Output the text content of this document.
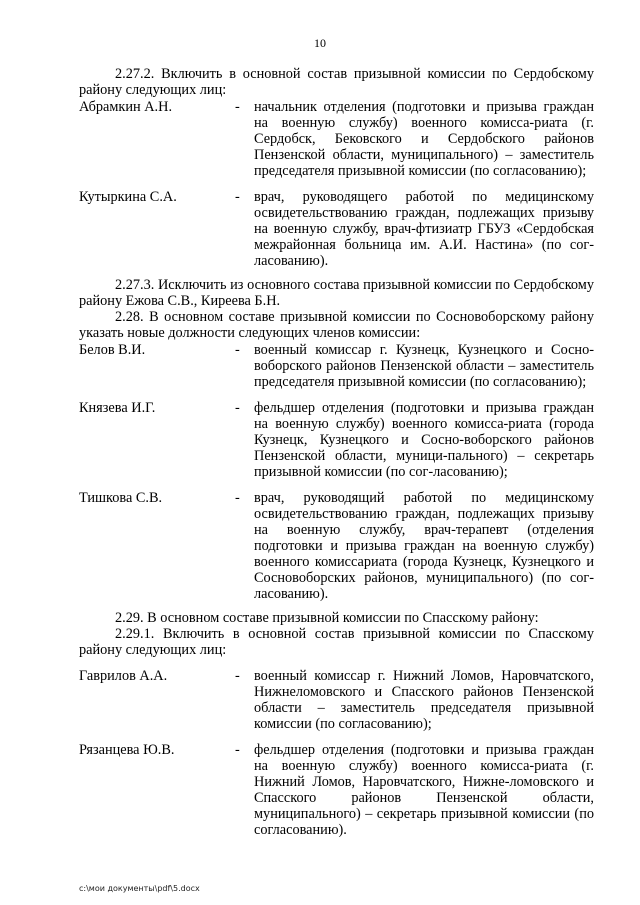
10

2.27.2. Включить в основной состав призывной комиссии по Сердобскому району следующих лиц:

Абрамкин А.Н.	- начальник отделения (подготовки и призыва граждан на военную службу) военного комисса-риата (г. Сердобск, Бековского и Сердобского районов Пензенской области, муниципального) – заместитель председателя призывной комиссии (по согласованию);
Кутыркина С.А.	- врач, руководящего работой по медицинскому освидетельствованию граждан, подлежащих призыву на военную службу, врач-фтизиатр ГБУЗ «Сердобская межрайонная больница им. А.И. Настина» (по сог-ласованию).

2.27.3. Исключить из основного состава призывной комиссии по Сердобскому району Ежова С.В., Киреева Б.Н.

2.28. В основном составе призывной комиссии по Сосновоборскому району указать новые должности следующих членов комиссии:

Белов В.И.	- военный комиссар г. Кузнецк, Кузнецкого и Сосно-воборского районов Пензенской области – заместитель председателя призывной комиссии (по согласованию);
Князева И.Г.	- фельдшер отделения (подготовки и призыва граждан на военную службу) военного комисса-риата (города Кузнецк, Кузнецкого и Сосно-воборского районов Пензенской области, муници-пального) – секретарь призывной комиссии (по сог-ласованию);
Тишкова С.В.	- врач, руководящий работой по медицинскому освидетельствованию граждан, подлежащих призыву на военную службу, врач-терапевт (отделения подготовки и призыва граждан на военную службу) военного комиссариата (города Кузнецк, Кузнецкого и Сосновоборских районов, муниципального) (по сог-ласованию).

2.29. В основном составе призывной комиссии по Спасскому району:

2.29.1. Включить в основной состав призывной комиссии по Спасскому району следующих лиц:

Гаврилов А.А.	- военный комиссар г. Нижний Ломов, Наровчатского, Нижнеломовского и Спасского районов Пензенской области – заместитель председателя призывной комиссии (по согласованию);
Рязанцева Ю.В.	- фельдшер отделения (подготовки и призыва граждан на военную службу) военного комисса-риата (г. Нижний Ломов, Наровчатского, Нижне-ломовского и Спасского районов Пензенской области, муниципального) – секретарь призывной комиссии (по согласованию).
c:\мои документы\pdf\5.docx
